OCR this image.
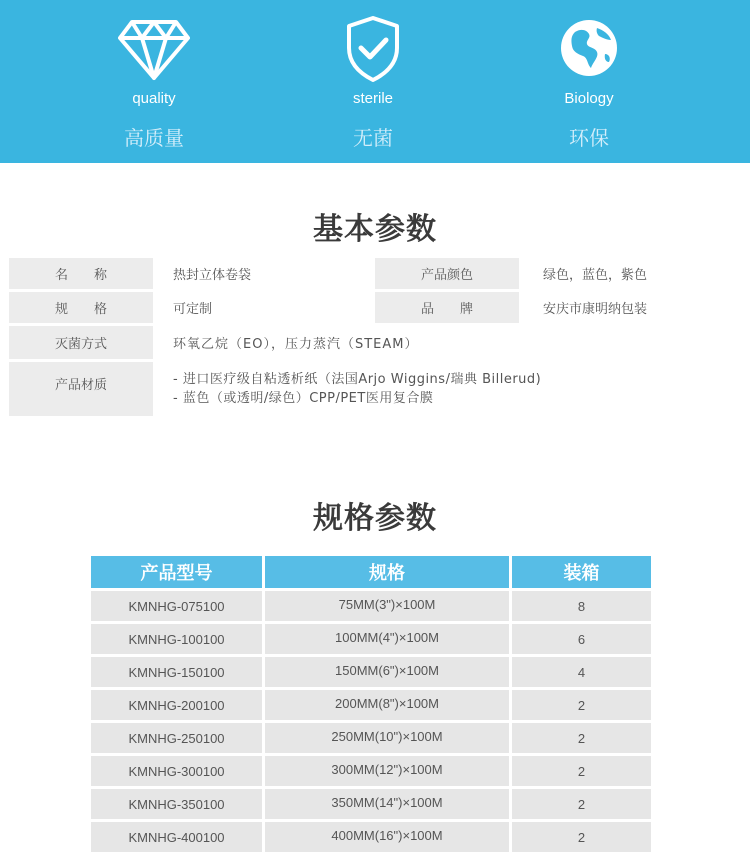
quality
高质量
sterile
无菌
Biology
环保
基本参数
名　　称	热封立体卷袋	产品颜色	绿色，蓝色，紫色
规　　格	可定制	品　　牌	安庆市康明纳包装
灭菌方式	环氧乙烷（EO），压力蒸汽（STEAM）
产品材质	- 进口医疗级自粘透析纸（法国Arjo Wiggins/瑞典 Billerud)
- 蓝色（或透明/绿色）CPP/PET医用复合膜
规格参数
产品型号	规格	装箱
KMNHG-075100	75MM(3")×100M	8
KMNHG-100100	100MM(4")×100M	6
KMNHG-150100	150MM(6")×100M	4
KMNHG-200100	200MM(8")×100M	2
KMNHG-250100	250MM(10")×100M	2
KMNHG-300100	300MM(12")×100M	2
KMNHG-350100	350MM(14")×100M	2
KMNHG-400100	400MM(16")×100M	2
